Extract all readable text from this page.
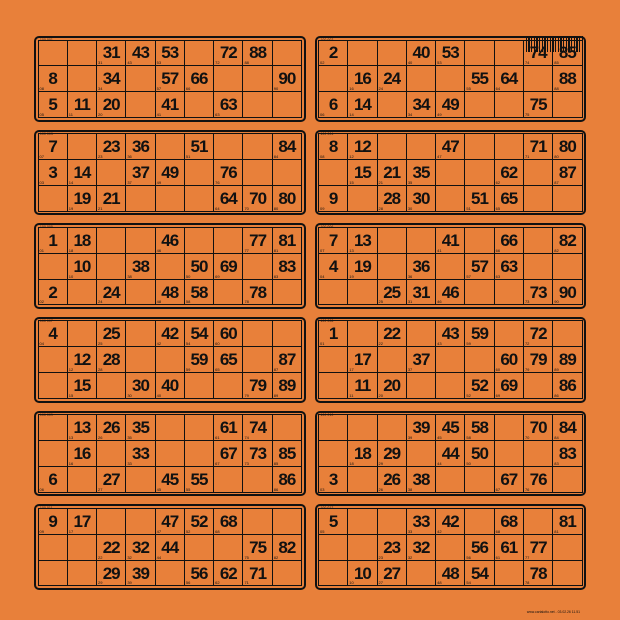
100 001
31
31
43
43
53
53
72
72
88
88
8
08
34
34
57
57
66
66
90
90
5
05
11
11
20
20
41
41
63
63
100 002
2
02
40
40
53
53
74
74
85
85
16
16
24
24
55
55
64
64
88
88
6
06
14
14
34
34
49
49
75
75
100 003
7
07
23
23
36
36
51
51
84
84
3
03
14
14
37
37
49
49
76
76
19
19
21
21
64
64
70
70
80
80
100 004
8
08
12
12
47
47
71
71
80
80
15
15
21
21
35
35
62
62
87
87
9
09
28
28
30
30
51
51
65
65
100 005
1
01
18
18
46
46
77
77
81
81
10
10
38
38
50
50
69
69
83
83
2
02
24
24
48
48
58
58
78
78
100 006
7
07
13
13
41
41
66
66
82
82
4
04
19
19
36
36
57
57
63
63
25
25
31
31
46
46
73
73
90
90
100 007
4
04
25
25
42
42
54
54
60
60
12
12
28
28
59
59
65
65
87
87
15
15
30
30
40
40
79
79
89
89
100 008
1
01
22
22
43
43
59
59
72
72
17
17
37
37
60
60
79
79
89
89
11
11
20
20
52
52
69
69
86
86
100 009
13
13
26
26
35
35
61
61
74
74
16
16
33
33
67
67
73
73
85
85
6
06
27
27
45
45
55
55
86
86
100 010
39
39
45
45
58
58
70
70
84
84
18
18
29
29
44
44
50
50
83
83
3
03
26
26
38
38
67
67
76
76
100 011
9
09
17
17
47
47
52
52
68
68
22
22
32
32
44
44
75
75
82
82
29
29
39
39
56
56
62
62
71
71
100 012
5
05
33
33
42
42
68
68
81
81
23
23
32
32
56
56
61
61
77
77
10
10
27
27
48
48
54
54
78
78
www.cartalotto.net - 03.02.26 11.51
